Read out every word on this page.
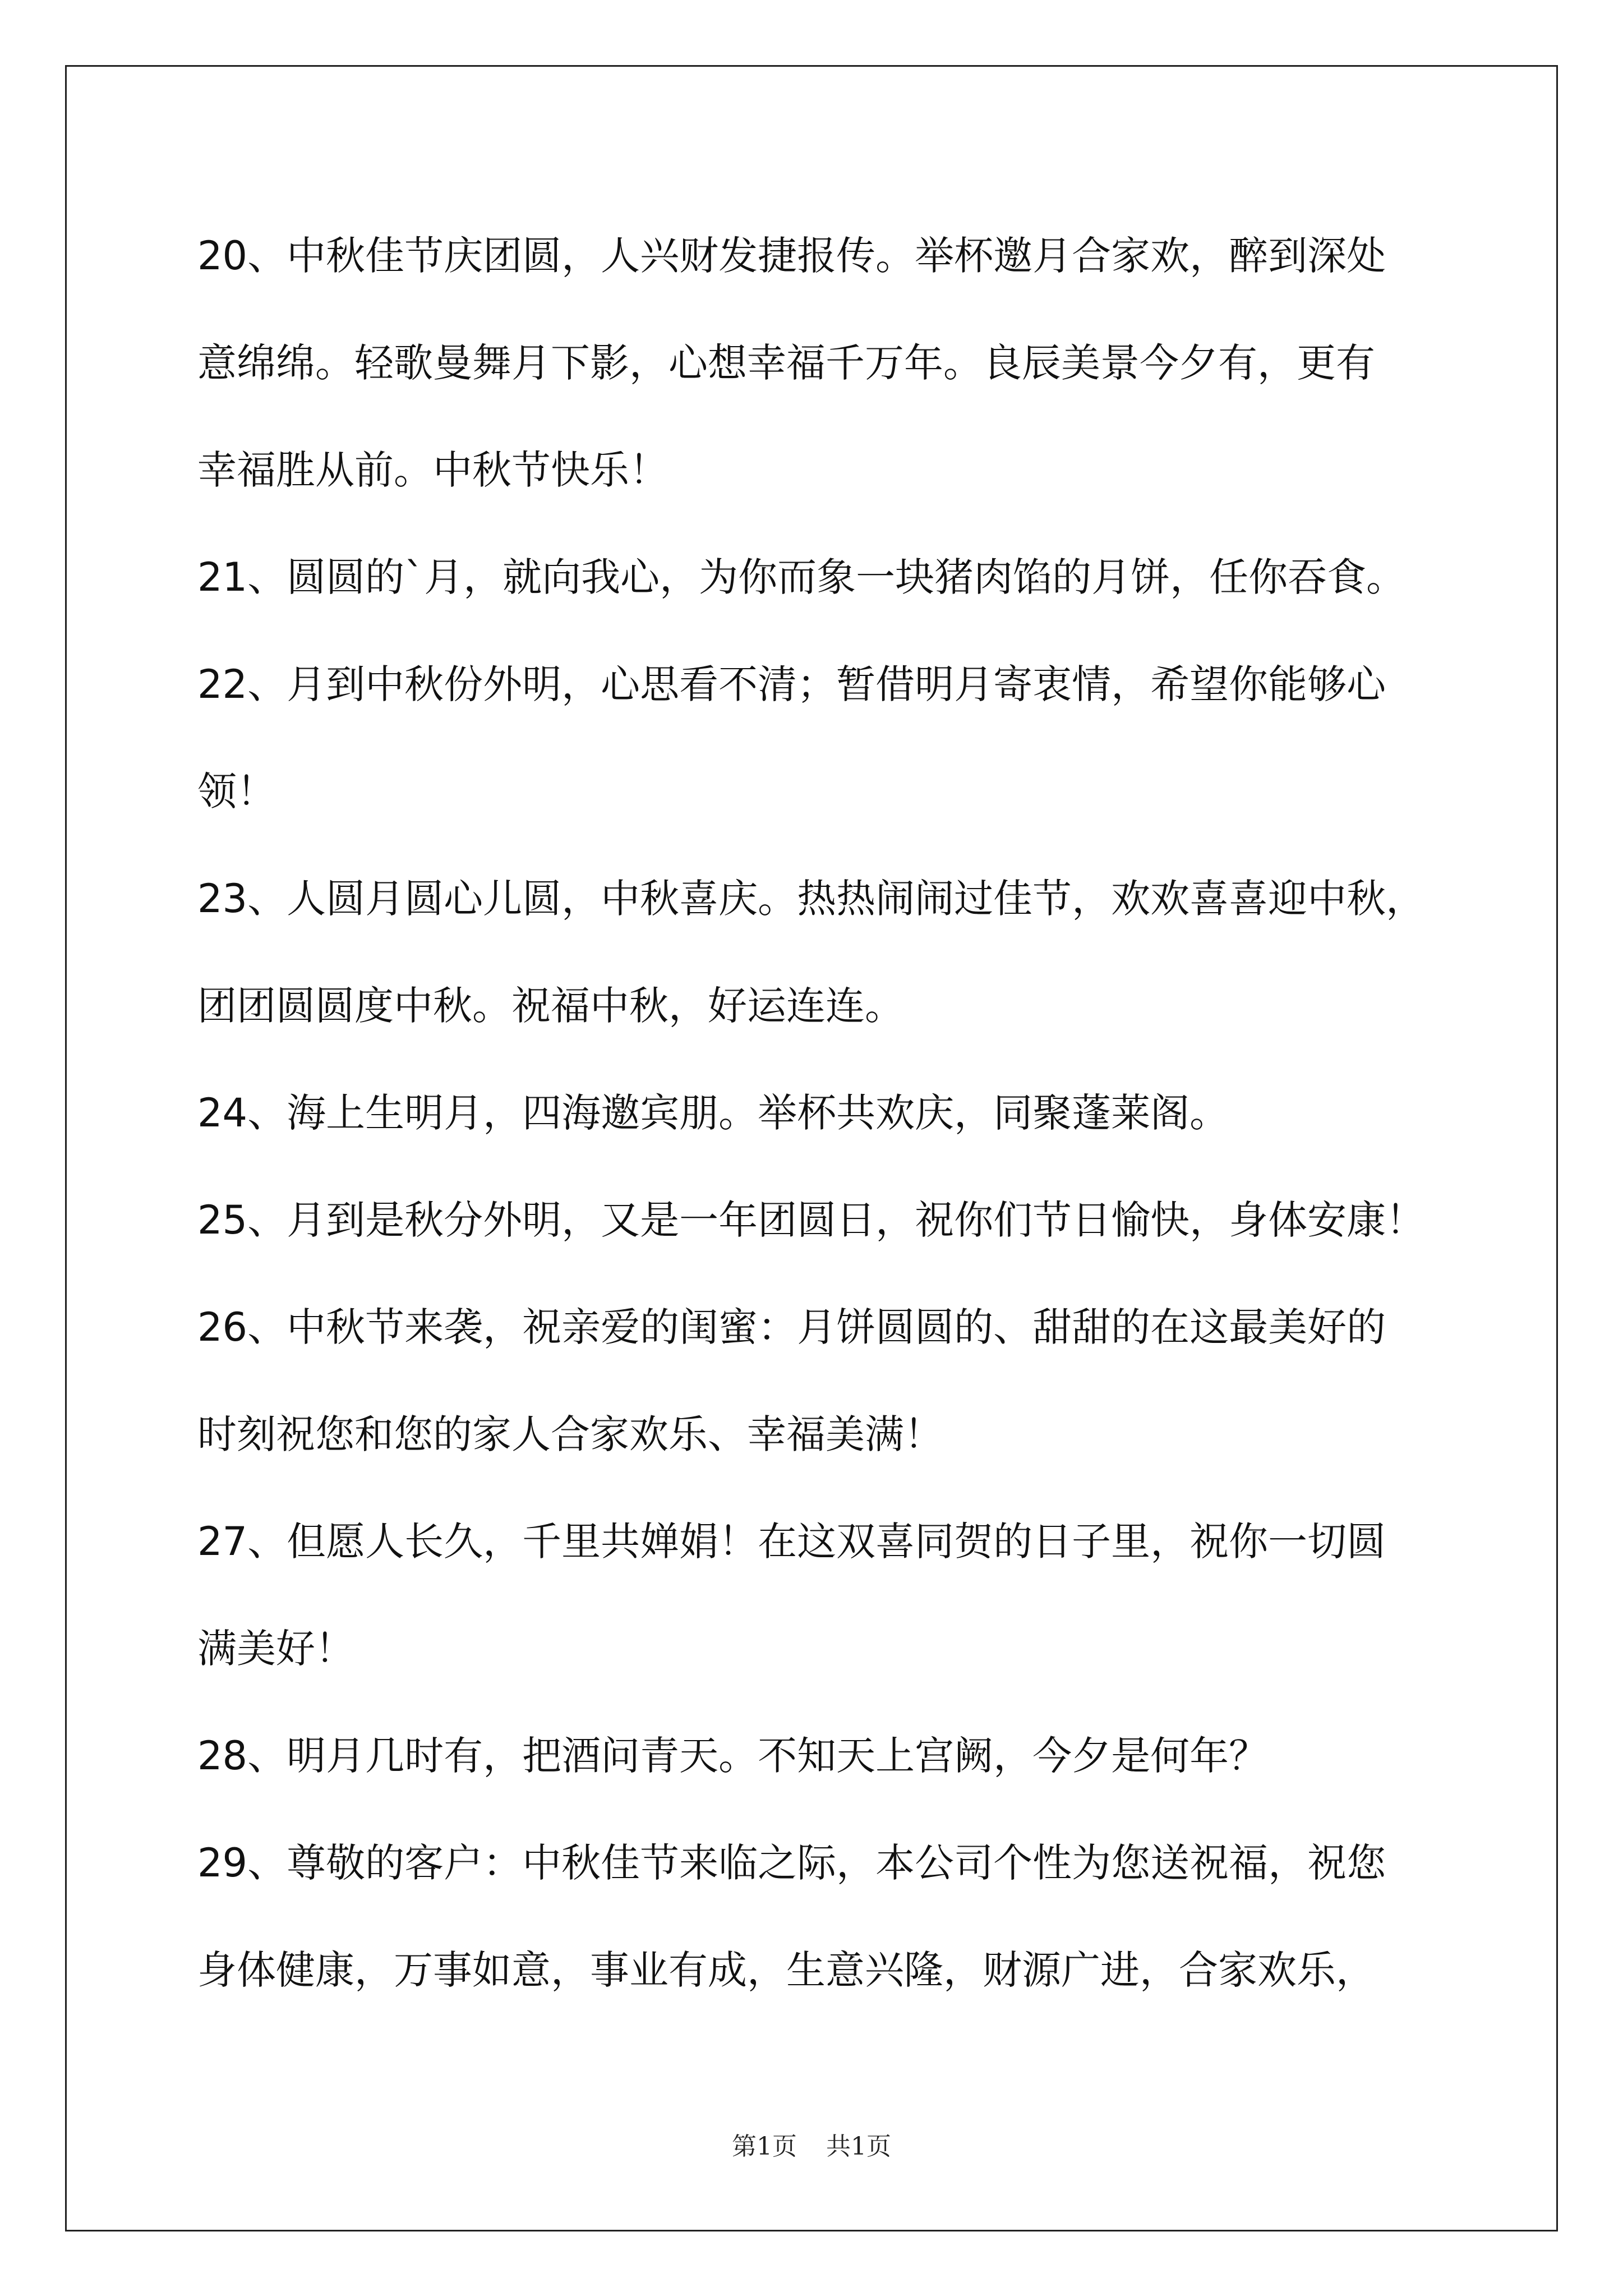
20、中秋佳节庆团圆，人兴财发捷报传。举杯邀月合家欢，醉到深处
意绵绵。轻歌曼舞月下影，心想幸福千万年。良辰美景今夕有，更有
幸福胜从前。中秋节快乐！
21、圆圆的`月，就向我心，为你而象一块猪肉馅的月饼，任你吞食。
22、月到中秋份外明，心思看不清；暂借明月寄衷情，希望你能够心
领！
23、人圆月圆心儿圆，中秋喜庆。热热闹闹过佳节，欢欢喜喜迎中秋，
团团圆圆度中秋。祝福中秋，好运连连。
24、海上生明月，四海邀宾朋。举杯共欢庆，同聚蓬莱阁。
25、月到是秋分外明，又是一年团圆日，祝你们节日愉快，身体安康！
26、中秋节来袭，祝亲爱的闺蜜：月饼圆圆的、甜甜的在这最美好的
时刻祝您和您的家人合家欢乐、幸福美满！
27、但愿人长久，千里共婵娟！在这双喜同贺的日子里，祝你一切圆
满美好！
28、明月几时有，把酒问青天。不知天上宫阙，今夕是何年？
29、尊敬的客户：中秋佳节来临之际，本公司个性为您送祝福，祝您
身体健康，万事如意，事业有成，生意兴隆，财源广进，合家欢乐，
第1页 共1页
